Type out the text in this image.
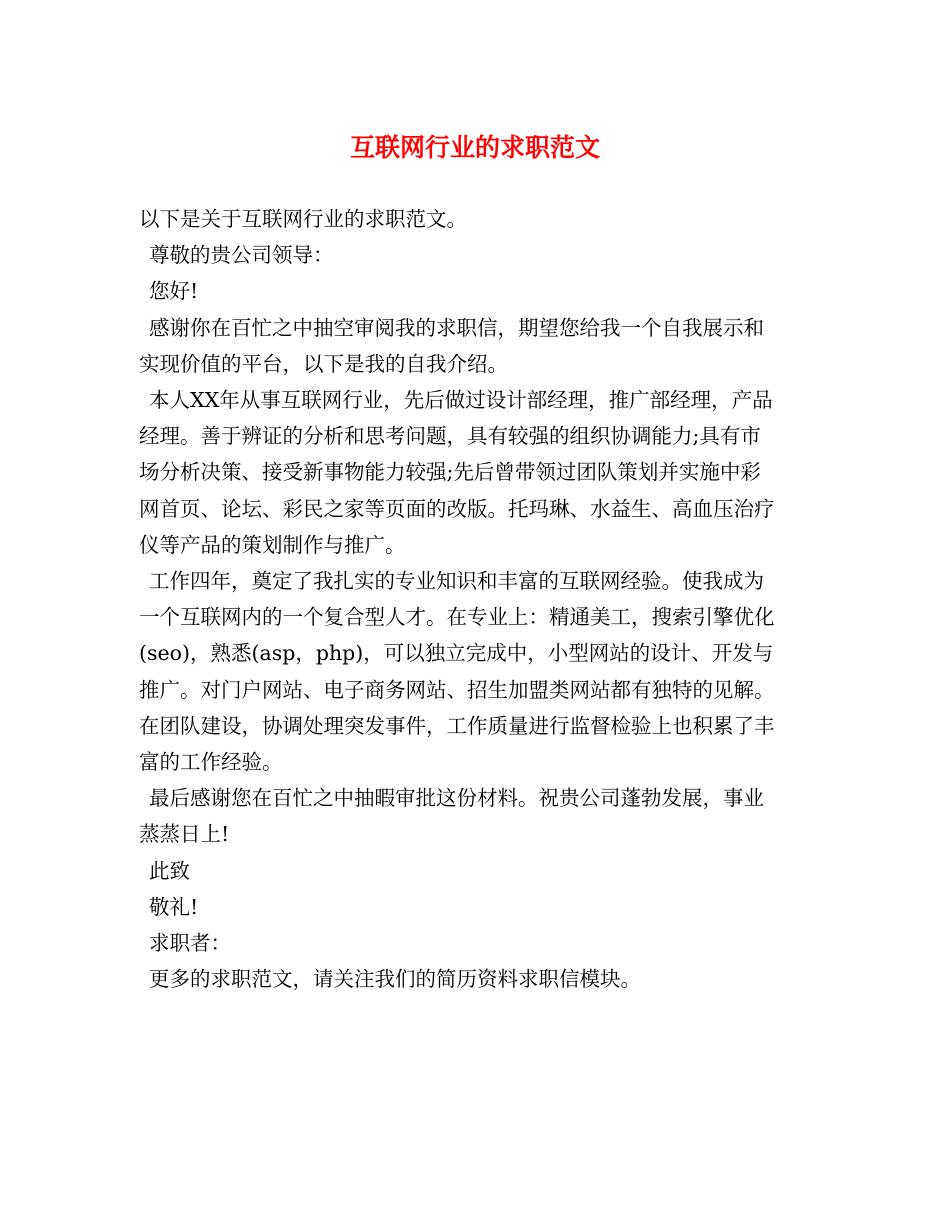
互联网行业的求职范文

以下是关于互联网行业的求职范文。

尊敬的贵公司领导：

您好!

感谢你在百忙之中抽空审阅我的求职信，期望您给我一个自我展示和

实现价值的平台，以下是我的自我介绍。

本人XX年从事互联网行业，先后做过设计部经理，推广部经理，产品

经理。善于辨证的分析和思考问题，具有较强的组织协调能力;具有市

场分析决策、接受新事物能力较强;先后曾带领过团队策划并实施中彩

网首页、论坛、彩民之家等页面的改版。托玛琳、水益生、高血压治疗

仪等产品的策划制作与推广。

工作四年，奠定了我扎实的专业知识和丰富的互联网经验。使我成为

一个互联网内的一个复合型人才。在专业上：精通美工，搜索引擎优化

(seo)，熟悉(asp，php)，可以独立完成中，小型网站的设计、开发与

推广。对门户网站、电子商务网站、招生加盟类网站都有独特的见解。

在团队建设，协调处理突发事件，工作质量进行监督检验上也积累了丰

富的工作经验。

最后感谢您在百忙之中抽暇审批这份材料。祝贵公司蓬勃发展，事业

蒸蒸日上!

此致

敬礼!

求职者：

更多的求职范文，请关注我们的简历资料求职信模块。
